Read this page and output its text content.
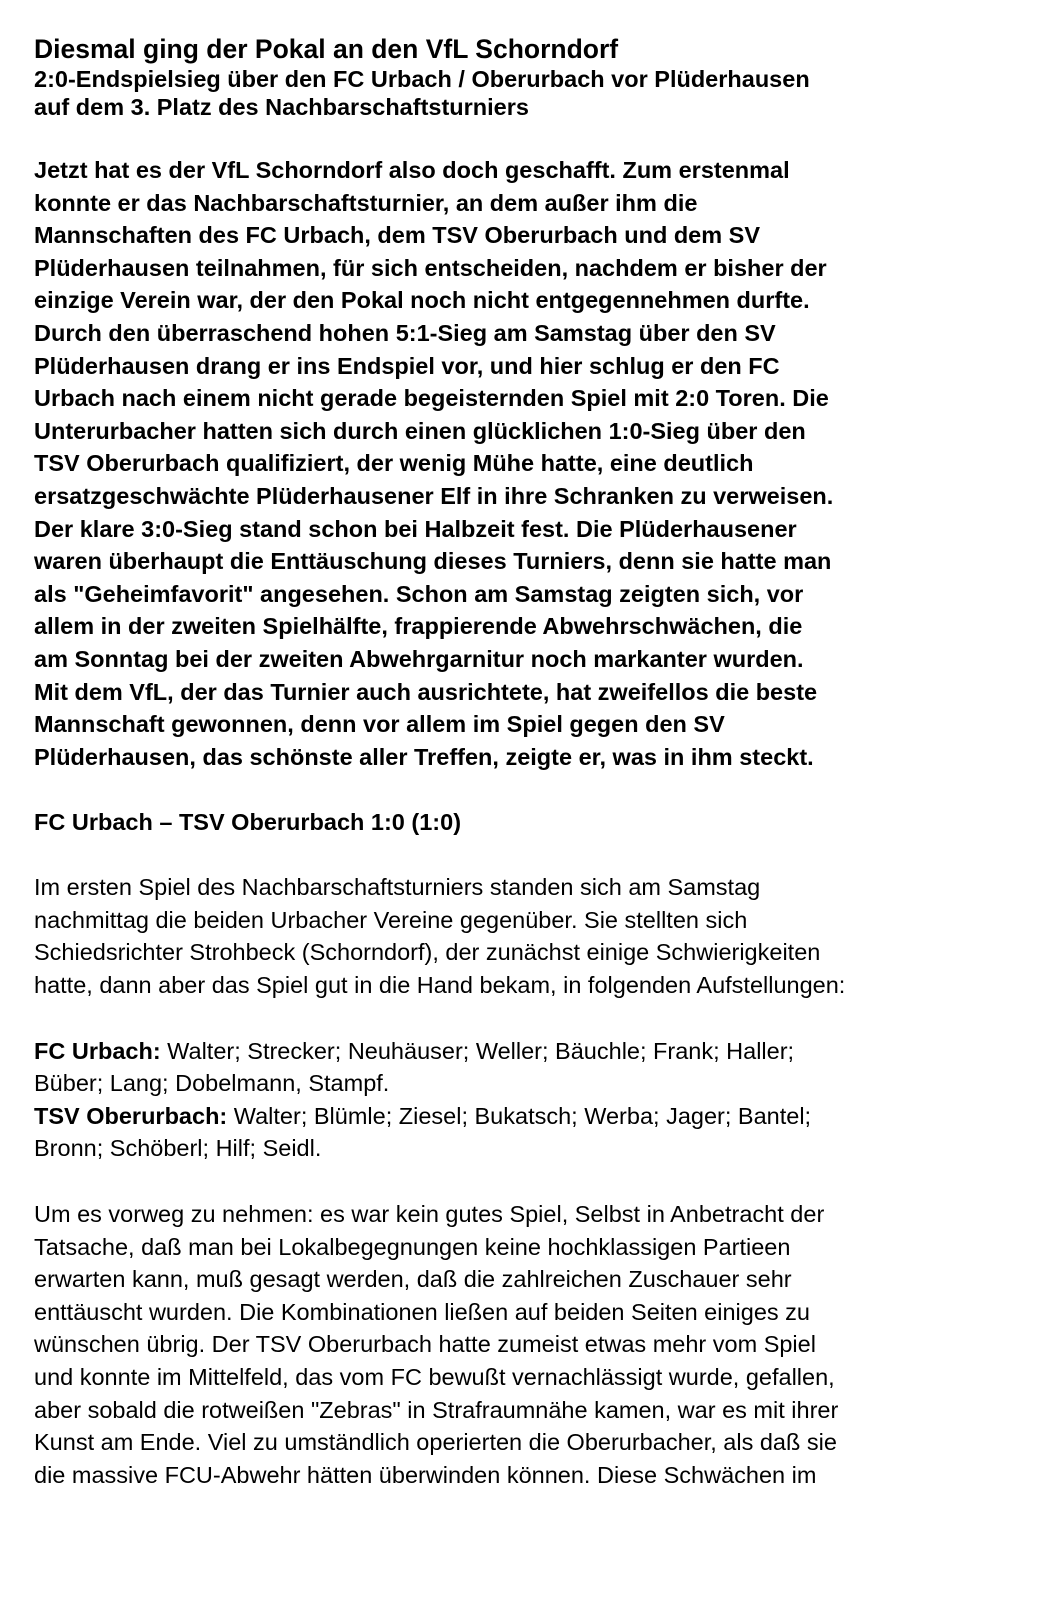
Diesmal ging der Pokal an den VfL Schorndorf
2:0-Endspielsieg über den FC Urbach / Oberurbach vor Plüderhausen
auf dem 3. Platz des Nachbarschaftsturniers
Jetzt hat es der VfL Schorndorf also doch geschafft. Zum erstenmal
konnte er das Nachbarschaftsturnier, an dem außer ihm die
Mannschaften des FC Urbach, dem TSV Oberurbach und dem SV
Plüderhausen teilnahmen, für sich entscheiden, nachdem er bisher der
einzige Verein war, der den Pokal noch nicht entgegennehmen durfte.
Durch den überraschend hohen 5:1-Sieg am Samstag über den SV
Plüderhausen drang er ins Endspiel vor, und hier schlug er den FC
Urbach nach einem nicht gerade begeisternden Spiel mit 2:0 Toren. Die
Unterurbacher hatten sich durch einen glücklichen 1:0-Sieg über den
TSV Oberurbach qualifiziert, der wenig Mühe hatte, eine deutlich
ersatzgeschwächte Plüderhausener Elf in ihre Schranken zu verweisen.
Der klare 3:0-Sieg stand schon bei Halbzeit fest. Die Plüderhausener
waren überhaupt die Enttäuschung dieses Turniers, denn sie hatte man
als "Geheimfavorit" angesehen. Schon am Samstag zeigten sich, vor
allem in der zweiten Spielhälfte, frappierende Abwehrschwächen, die
am Sonntag bei der zweiten Abwehrgarnitur noch markanter wurden.
Mit dem VfL, der das Turnier auch ausrichtete, hat zweifellos die beste
Mannschaft gewonnen, denn vor allem im Spiel gegen den SV
Plüderhausen, das schönste aller Treffen, zeigte er, was in ihm steckt.
FC Urbach – TSV Oberurbach 1:0 (1:0)
Im ersten Spiel des Nachbarschaftsturniers standen sich am Samstag
nachmittag die beiden Urbacher Vereine gegenüber. Sie stellten sich
Schiedsrichter Strohbeck (Schorndorf), der zunächst einige Schwierigkeiten
hatte, dann aber das Spiel gut in die Hand bekam, in folgenden Aufstellungen:
FC Urbach: Walter; Strecker; Neuhäuser; Weller; Bäuchle; Frank; Haller;
Büber; Lang; Dobelmann, Stampf.
TSV Oberurbach: Walter; Blümle; Ziesel; Bukatsch; Werba; Jager; Bantel;
Bronn; Schöberl; Hilf; Seidl.
Um es vorweg zu nehmen: es war kein gutes Spiel, Selbst in Anbetracht der
Tatsache, daß man bei Lokalbegegnungen keine hochklassigen Partieen
erwarten kann, muß gesagt werden, daß die zahlreichen Zuschauer sehr
enttäuscht wurden. Die Kombinationen ließen auf beiden Seiten einiges zu
wünschen übrig. Der TSV Oberurbach hatte zumeist etwas mehr vom Spiel
und konnte im Mittelfeld, das vom FC bewußt vernachlässigt wurde, gefallen,
aber sobald die rotweißen "Zebras" in Strafraumnähe kamen, war es mit ihrer
Kunst am Ende. Viel zu umständlich operierten die Oberurbacher, als daß sie
die massive FCU-Abwehr hätten überwinden können. Diese Schwächen im
